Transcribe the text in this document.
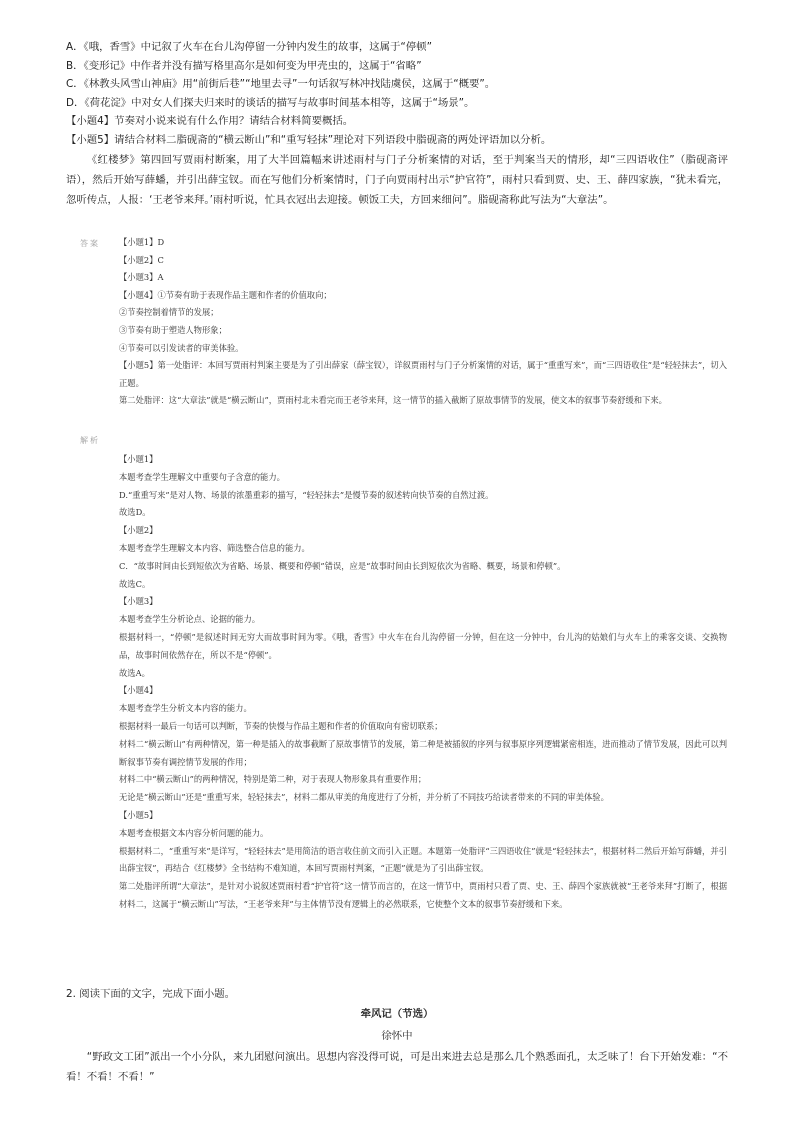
A．《哦，香雪》中记叙了火车在台儿沟停留一分钟内发生的故事，这属于“停顿”
B．《变形记》中作者并没有描写格里高尔是如何变为甲壳虫的，这属于“省略”
C．《林教头风雪山神庙》用“前街后巷”“地里去寻”一句话叙写林冲找陆虞侯，这属于“概要”。
D．《荷花淀》中对女人们探夫归来时的谈话的描写与故事时间基本相等，这属于“场景”。
【小题4】节奏对小说来说有什么作用？请结合材料简要概括。
【小题5】请结合材料二脂砚斋的“横云断山”和“重写轻抹”理论对下列语段中脂砚斋的两处评语加以分析。

《红楼梦》第四回写贾雨村断案，用了大半回篇幅来讲述雨村与门子分析案情的对话，至于判案当天的情形，却“三四语收住”（脂砚斋评语），然后开始写薛蟠，并引出薛宝钗。而在写他们分析案情时，门子向贾雨村出示“护官符”，雨村只看到贾、史、王、薛四家族，“犹未看完，忽听传点，人报：‘王老爷来拜。’雨村听说，忙具衣冠出去迎接。顿饭工夫，方回来细问”。脂砚斋称此写法为“大章法”。

答案 【小题1】D

【小题2】C

【小题3】A

【小题4】①节奏有助于表现作品主题和作者的价值取向；

②节奏控制着情节的发展；

③节奏有助于塑造人物形象；

④节奏可以引发读者的审美体验。

【小题5】第一处脂评：本回写贾雨村判案主要是为了引出薛家（薛宝钗），详叙贾雨村与门子分析案情的对话，属于“重重写来”，而“三四语收住”是“轻轻抹去”，切入正题。

第二处脂评：这“大章法”就是“横云断山”，贾雨村北未看完而王老爷来拜，这一情节的插入截断了原故事情节的发展，使文本的叙事节奏舒缓和下来。

解析

【小题1】

本题考查学生理解文中重要句子含意的能力。

D.“重重写来”是对人物、场景的浓墨重彩的描写，“轻轻抹去”是慢节奏的叙述转向快节奏的自然过渡。

故选D。

【小题2】

本题考查学生理解文本内容、筛选整合信息的能力。

C．“故事时间由长到短依次为省略、场景、概要和停顿”错误，应是“故事时间由长到短依次为省略、概要，场景和停顿”。

故选C。

【小题3】

本题考查学生分析论点、论据的能力。

根据材料一，“停顿”是叙述时间无穷大而故事时间为零。《哦，香雪》中火车在台儿沟停留一分钟，但在这一分钟中，台儿沟的姑娘们与火车上的乘客交谈、交换物品，故事时间依然存在，所以不是“停顿”。

故选A。

【小题4】

本题考查学生分析文本内容的能力。

根据材料一最后一句话可以判断，节奏的快慢与作品主题和作者的价值取向有密切联系；

材料二“横云断山”有两种情况，第一种是插入的故事截断了原故事情节的发展，第二种是被插叙的序列与叙事原序列逻辑紧密相连，进而推动了情节发展，因此可以判断叙事节奏有调控情节发展的作用；

材料二中“横云断山”的两种情况，特别是第二种，对于表现人物形象具有重要作用；

无论是“横云断山”还是“重重写来，轻轻抹去”，材料二都从审美的角度进行了分析，并分析了不同技巧给读者带来的不同的审美体验。

【小题5】

本题考查根据文本内容分析问题的能力。

根据材料二，“重重写来”是详写，“轻轻抹去”是用简洁的语言收住前文而引入正题。本题第一处脂评“三四语收住”就是“轻轻抹去”，根据材料二然后开始写薛蟠，并引出薛宝钗”，再结合《红楼梦》全书结构不难知道，本回写贾雨村判案，“正题”就是为了引出薛宝钗。

第二处脂评所谓“大章法”，是针对小说叙述贾雨村看“护官符”这一情节而言的，在这一情节中，贾雨村只看了贾、史、王、薛四个家族就被“王老爷来拜”打断了，根据材料二，这属于“横云断山”写法，“王老爷来拜”与主体情节没有逻辑上的必然联系，它使整个文本的叙事节奏舒缓和下来。

2. 阅读下面的文字，完成下面小题。
牵风记（节选）
徐怀中

“野政文工团”派出一个小分队，来九团慰问演出。思想内容没得可说，可是出来进去总是那么几个熟悉面孔，太乏味了！台下开始发难：“不看！不看！不看！”
